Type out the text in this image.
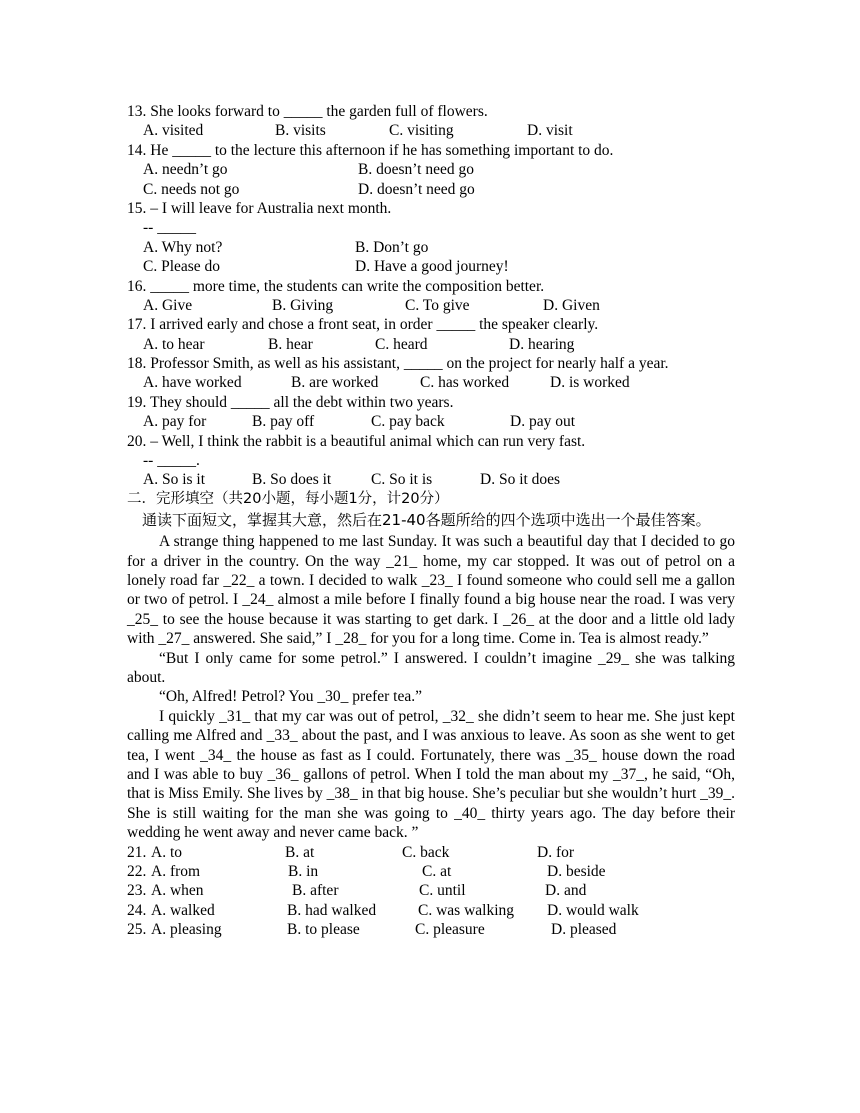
13. She looks forward to _____ the garden full of flowers.
A. visited	B. visits	C. visiting	D. visit
14. He _____ to the lecture this afternoon if he has something important to do.
A. needn’t go	B. doesn’t need go
C. needs not go	D. doesn’t need go
15. – I will leave for Australia next month.
-- _____
A. Why not?	B. Don’t go
C. Please do	D. Have a good journey!
16. _____ more time, the students can write the composition better.
A. Give	B. Giving	C. To give	D. Given
17. I arrived early and chose a front seat, in order _____ the speaker clearly.
A. to hear	B. hear	C. heard	D. hearing
18. Professor Smith, as well as his assistant, _____ on the project for nearly half a year.
A. have worked	B. are worked	C. has worked	D. is worked
19. They should _____ all the debt within two years.
A. pay for	B. pay off	C. pay back	D. pay out
20. – Well, I think the rabbit is a beautiful animal which can run very fast.
-- _____.
A. So is it	B. So does it	C. So it is	D. So it does
二．完形填空（共20小题，每小题1分，计20分）
通读下面短文，掌握其大意，然后在21-40各题所给的四个选项中选出一个最佳答案。
A strange thing happened to me last Sunday. It was such a beautiful day that I decided to go for a driver in the country. On the way _21_ home, my car stopped. It was out of petrol on a lonely road far _22_ a town. I decided to walk _23_ I found someone who could sell me a gallon or two of petrol. I _24_ almost a mile before I finally found a big house near the road. I was very _25_ to see the house because it was starting to get dark. I _26_ at the door and a little old lady with _27_ answered. She said,” I _28_ for you for a long time. Come in. Tea is almost ready.”
“But I only came for some petrol.” I answered. I couldn’t imagine _29_ she was talking about.
“Oh, Alfred! Petrol? You _30_ prefer tea.”
I quickly _31_ that my car was out of petrol, _32_ she didn’t seem to hear me. She just kept calling me Alfred and _33_ about the past, and I was anxious to leave. As soon as she went to get tea, I went _34_ the house as fast as I could. Fortunately, there was _35_ house down the road and I was able to buy _36_ gallons of petrol. When I told the man about my _37_, he said, “Oh, that is Miss Emily. She lives by _38_ in that big house. She’s peculiar but she wouldn’t hurt _39_. She is still waiting for the man she was going to _40_ thirty years ago. The day before their wedding he went away and never came back. ”
21. A. to	B. at	C. back	D. for
22. A. from	B. in	C. at	D. beside
23. A. when	B. after	C. until	D. and
24. A. walked	B. had walked	C. was walking D. would walk
25. A. pleasing	B. to please	C. pleasure	D. pleased
